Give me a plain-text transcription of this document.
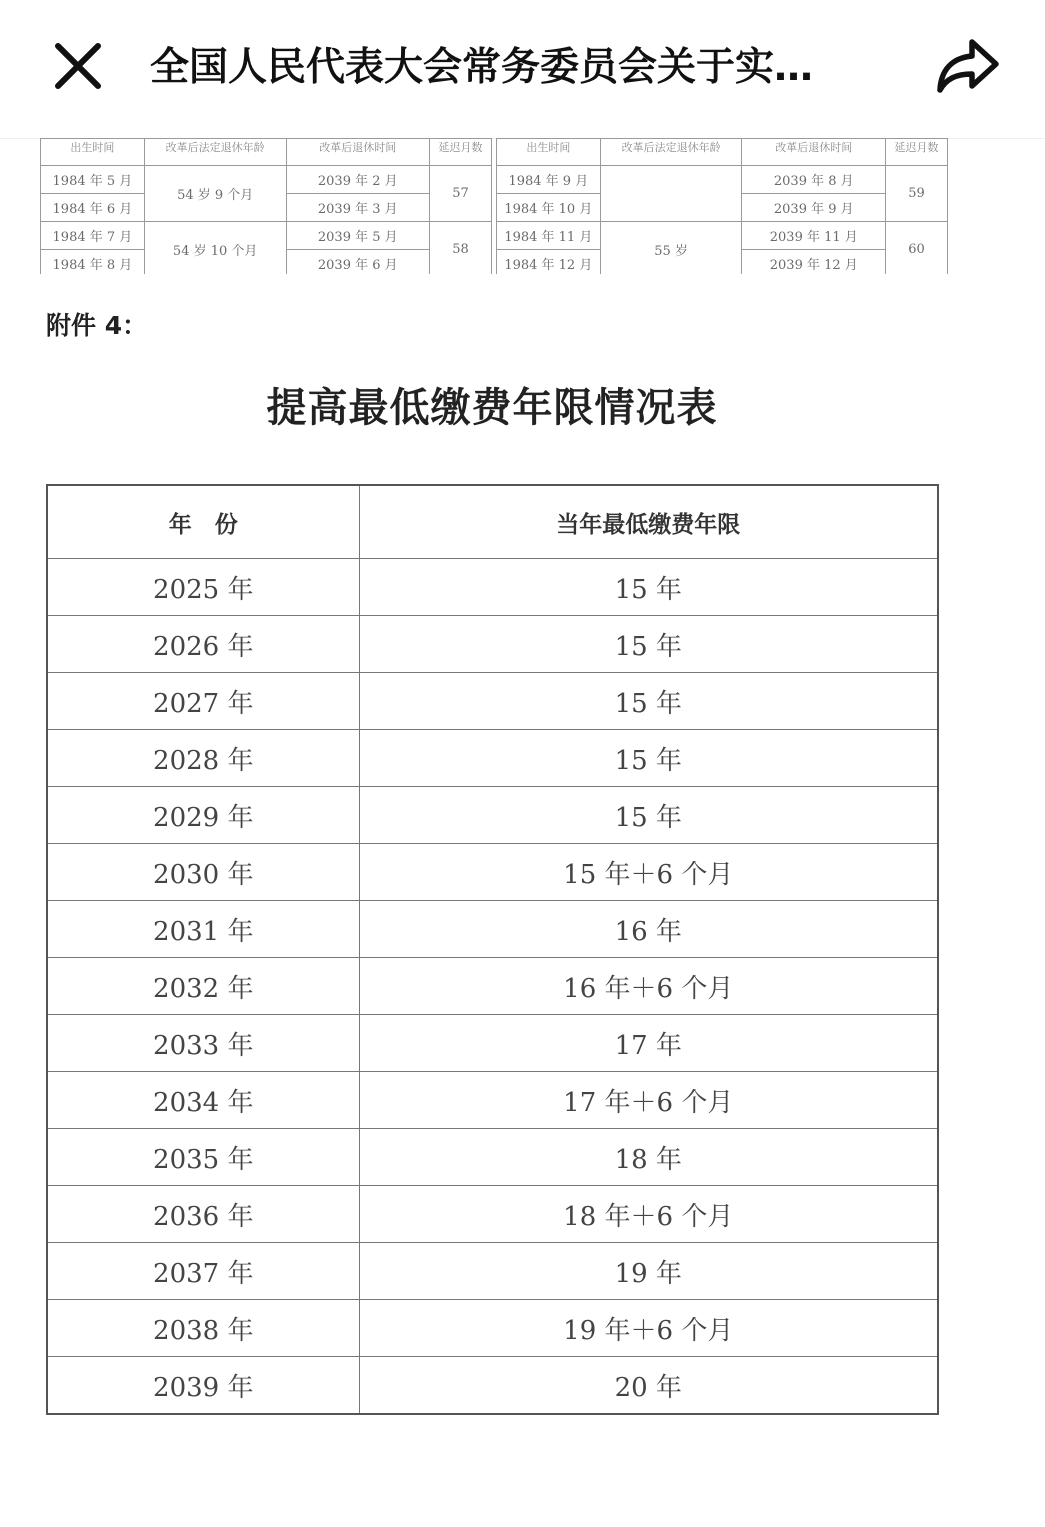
全国人民代表大会常务委员会关于实…
出生时间	改革后法定退休年龄	改革后退休时间	延迟月数		出生时间	改革后法定退休年龄	改革后退休时间	延迟月数
1984 年 5 月	54 岁 9 个月	2039 年 2 月	57		1984 年 9 月		2039 年 8 月	59
1984 年 6 月		2039 年 3 月			1984 年 10 月		2039 年 9 月	
1984 年 7 月	54 岁 10 个月	2039 年 5 月	58		1984 年 11 月	55 岁	2039 年 11 月	60
1984 年 8 月		2039 年 6 月			1984 年 12 月		2039 年 12 月	
附件 4：
提高最低缴费年限情况表
年　份	当年最低缴费年限
2025 年	15 年
2026 年	15 年
2027 年	15 年
2028 年	15 年
2029 年	15 年
2030 年	15 年＋6 个月
2031 年	16 年
2032 年	16 年＋6 个月
2033 年	17 年
2034 年	17 年＋6 个月
2035 年	18 年
2036 年	18 年＋6 个月
2037 年	19 年
2038 年	19 年＋6 个月
2039 年	20 年
